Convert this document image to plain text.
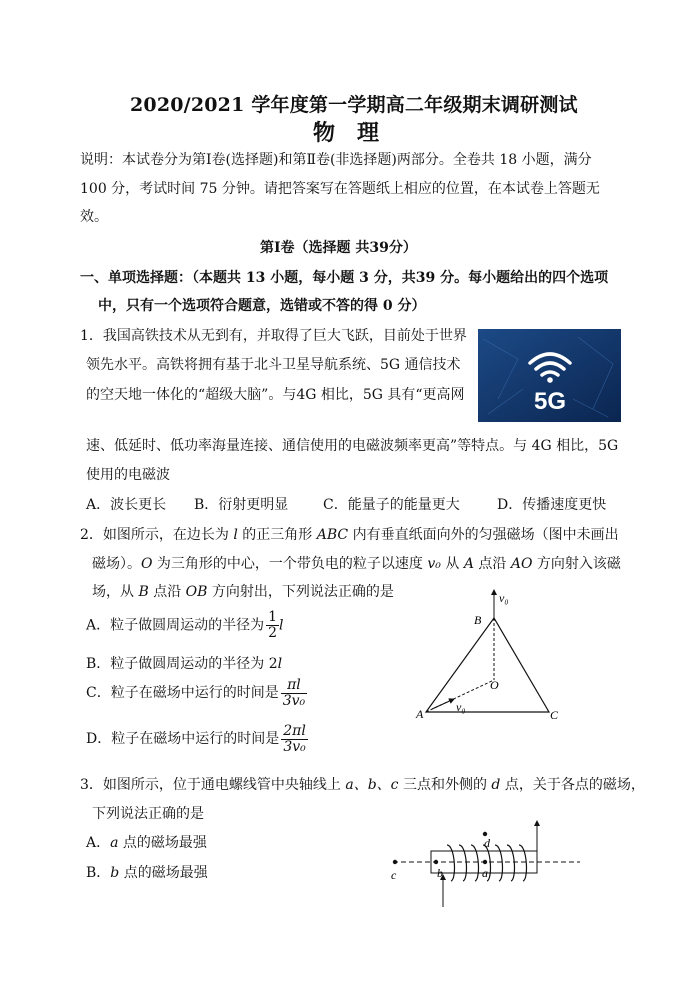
2020/2021 学年度第一学期高二年级期末调研测试
物　理
说明：本试卷分为第Ⅰ卷(选择题)和第Ⅱ卷(非选择题)两部分。全卷共 18 小题，满分
100 分，考试时间 75 分钟。请把答案写在答题纸上相应的位置，在本试卷上答题无
效。
第Ⅰ卷（选择题 共39分）
一、单项选择题：（本题共 13 小题，每小题 3 分，共39 分。每小题给出的四个选项
中，只有一个选项符合题意，选错或不答的得 0 分）
1．我国高铁技术从无到有，并取得了巨大飞跃，目前处于世界
领先水平。高铁将拥有基于北斗卫星导航系统、5G 通信技术
的空天地一体化的“超级大脑”。与4G 相比，5G 具有“更高网
速、低延时、低功率海量连接、通信使用的电磁波频率更高”等特点。与 4G 相比，5G
使用的电磁波
5G
A．波长更长 B．衍射更明显 C．能量子的能量更大	D．传播速度更快
2．如图所示，在边长为 l 的正三角形 ABC 内有垂直纸面向外的匀强磁场（图中未画出
磁场）。O 为三角形的中心，一个带负电的粒子以速度 v₀ 从 A 点沿 AO 方向射入该磁
场，从 B 点沿 OB 方向射出，下列说法正确的是
A．粒子做圆周运动的半径为 $\frac{1}{2}$ l
B．粒子做圆周运动的半径为 2l
C．粒子在磁场中运行的时间是 $\frac{\pi l}{\text{3v₀}}$
D．粒子在磁场中运行的时间是 $\frac{2\pi l}{\text{3v₀}}$
v₀
B
O
A	v₀
C
3．如图所示，位于通电螺线管中央轴线上 a、b、c 三点和外侧的 d 点，关于各点的磁场，
下列说法正确的是
A．a 点的磁场最强
B．b 点的磁场最强	c	b	a
d
